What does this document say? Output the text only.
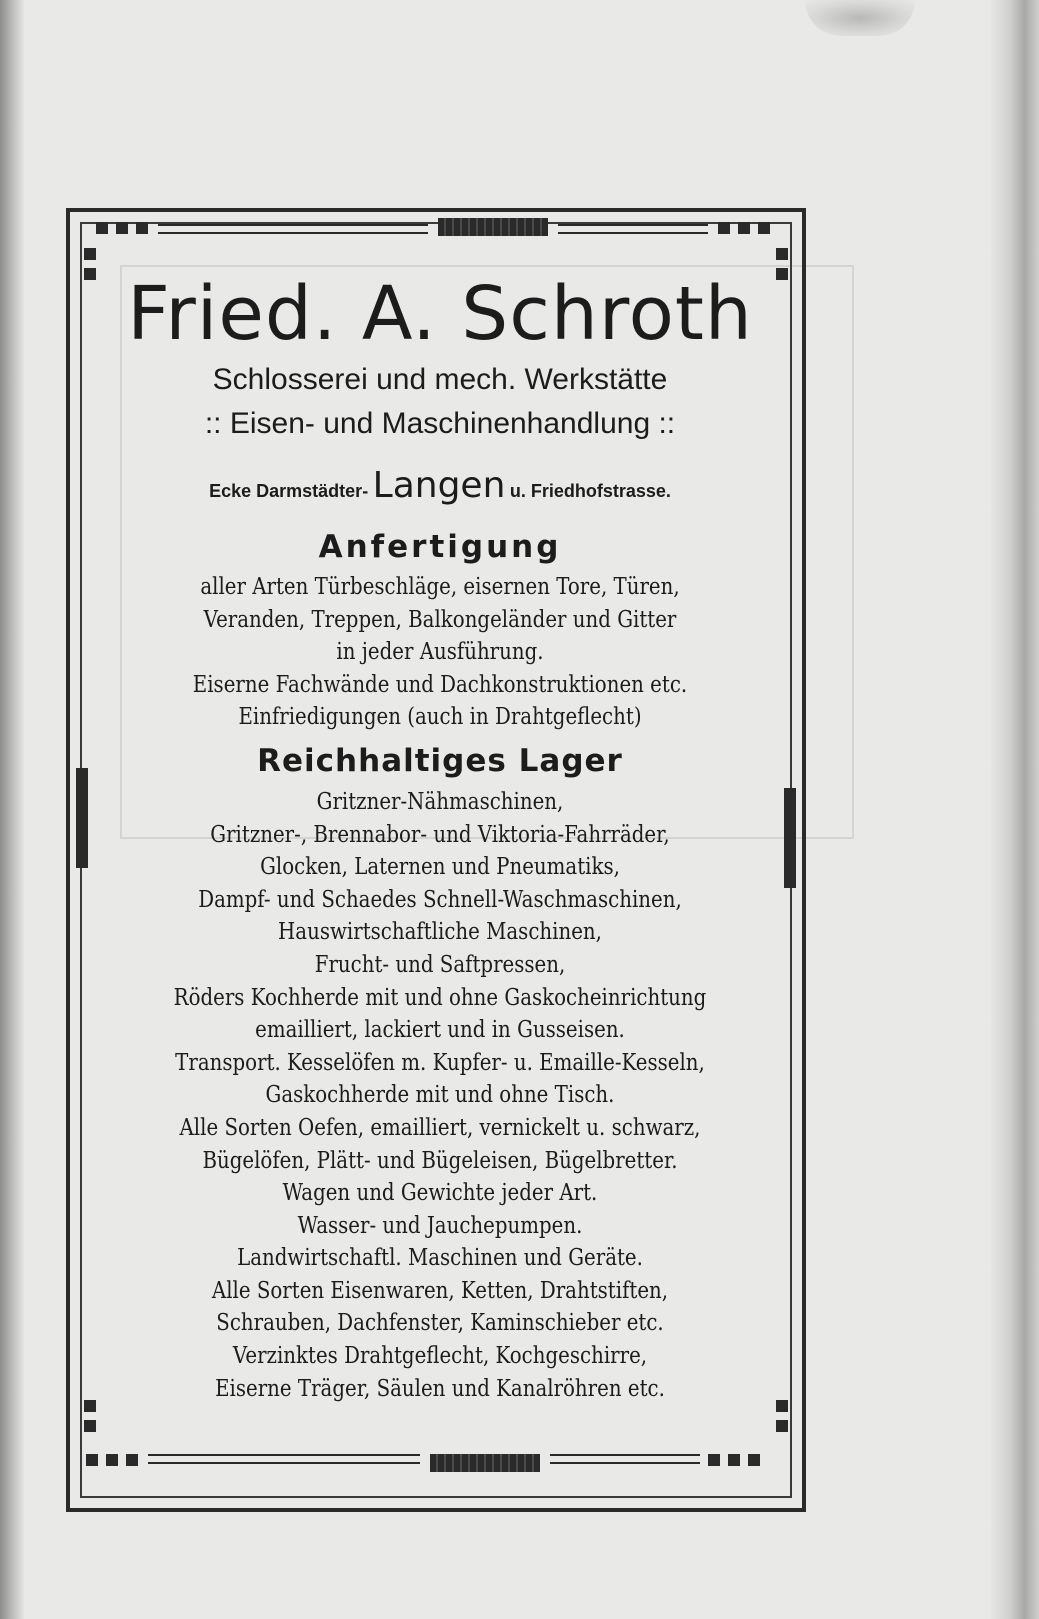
Fried. A. Schroth

Schlosserei und mech. Werkstätte

:: Eisen- und Maschinenhandlung ::

Ecke Darmstädter- Langen u. Friedhofstrasse.

Anfertigung

aller Arten Türbeschläge, eisernen Tore, Türen,

Veranden, Treppen, Balkongeländer und Gitter

in jeder Ausführung.

Eiserne Fachwände und Dachkonstruktionen etc.

Einfriedigungen (auch in Drahtgeflecht)

Reichhaltiges Lager

Gritzner-Nähmaschinen,

Gritzner-, Brennabor- und Viktoria-Fahrräder,

Glocken, Laternen und Pneumatiks,

Dampf- und Schaedes Schnell-Waschmaschinen,

Hauswirtschaftliche Maschinen,

Frucht- und Saftpressen,

Röders Kochherde mit und ohne Gaskocheinrichtung

emailliert, lackiert und in Gusseisen.

Transport. Kesselöfen m. Kupfer- u. Emaille-Kesseln,

Gaskochherde mit und ohne Tisch.

Alle Sorten Oefen, emailliert, vernickelt u. schwarz,

Bügelöfen, Plätt- und Bügeleisen, Bügelbretter.

Wagen und Gewichte jeder Art.

Wasser- und Jauchepumpen.

Landwirtschaftl. Maschinen und Geräte.

Alle Sorten Eisenwaren, Ketten, Drahtstiften,

Schrauben, Dachfenster, Kaminschieber etc.

Verzinktes Drahtgeflecht, Kochgeschirre,

Eiserne Träger, Säulen und Kanalröhren etc.
